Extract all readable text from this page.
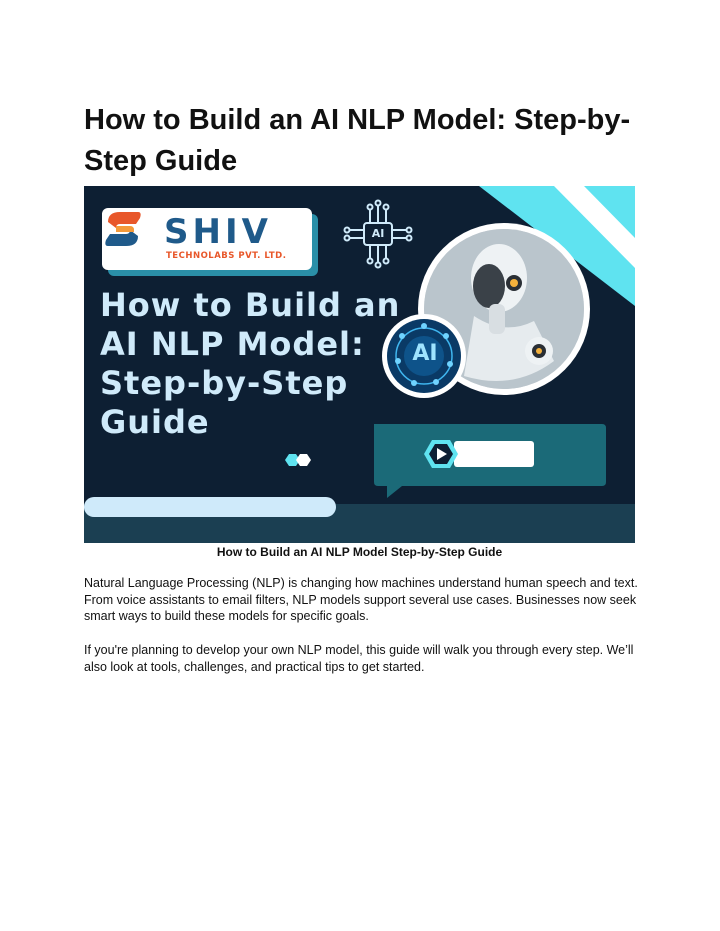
How to Build an AI NLP Model: Step-by-Step Guide
SHIV
TECHNOLABS PVT. LTD.
AI
AI

How to Build an AI NLP Model: Step-by-Step Guide

How to Build an AI NLP Model Step-by-Step Guide

Natural Language Processing (NLP) is changing how machines understand human speech and text. From voice assistants to email filters, NLP models support several use cases. Businesses now seek smart ways to build these models for specific goals.

If you're planning to develop your own NLP model, this guide will walk you through every step. We’ll also look at tools, challenges, and practical tips to get started.
